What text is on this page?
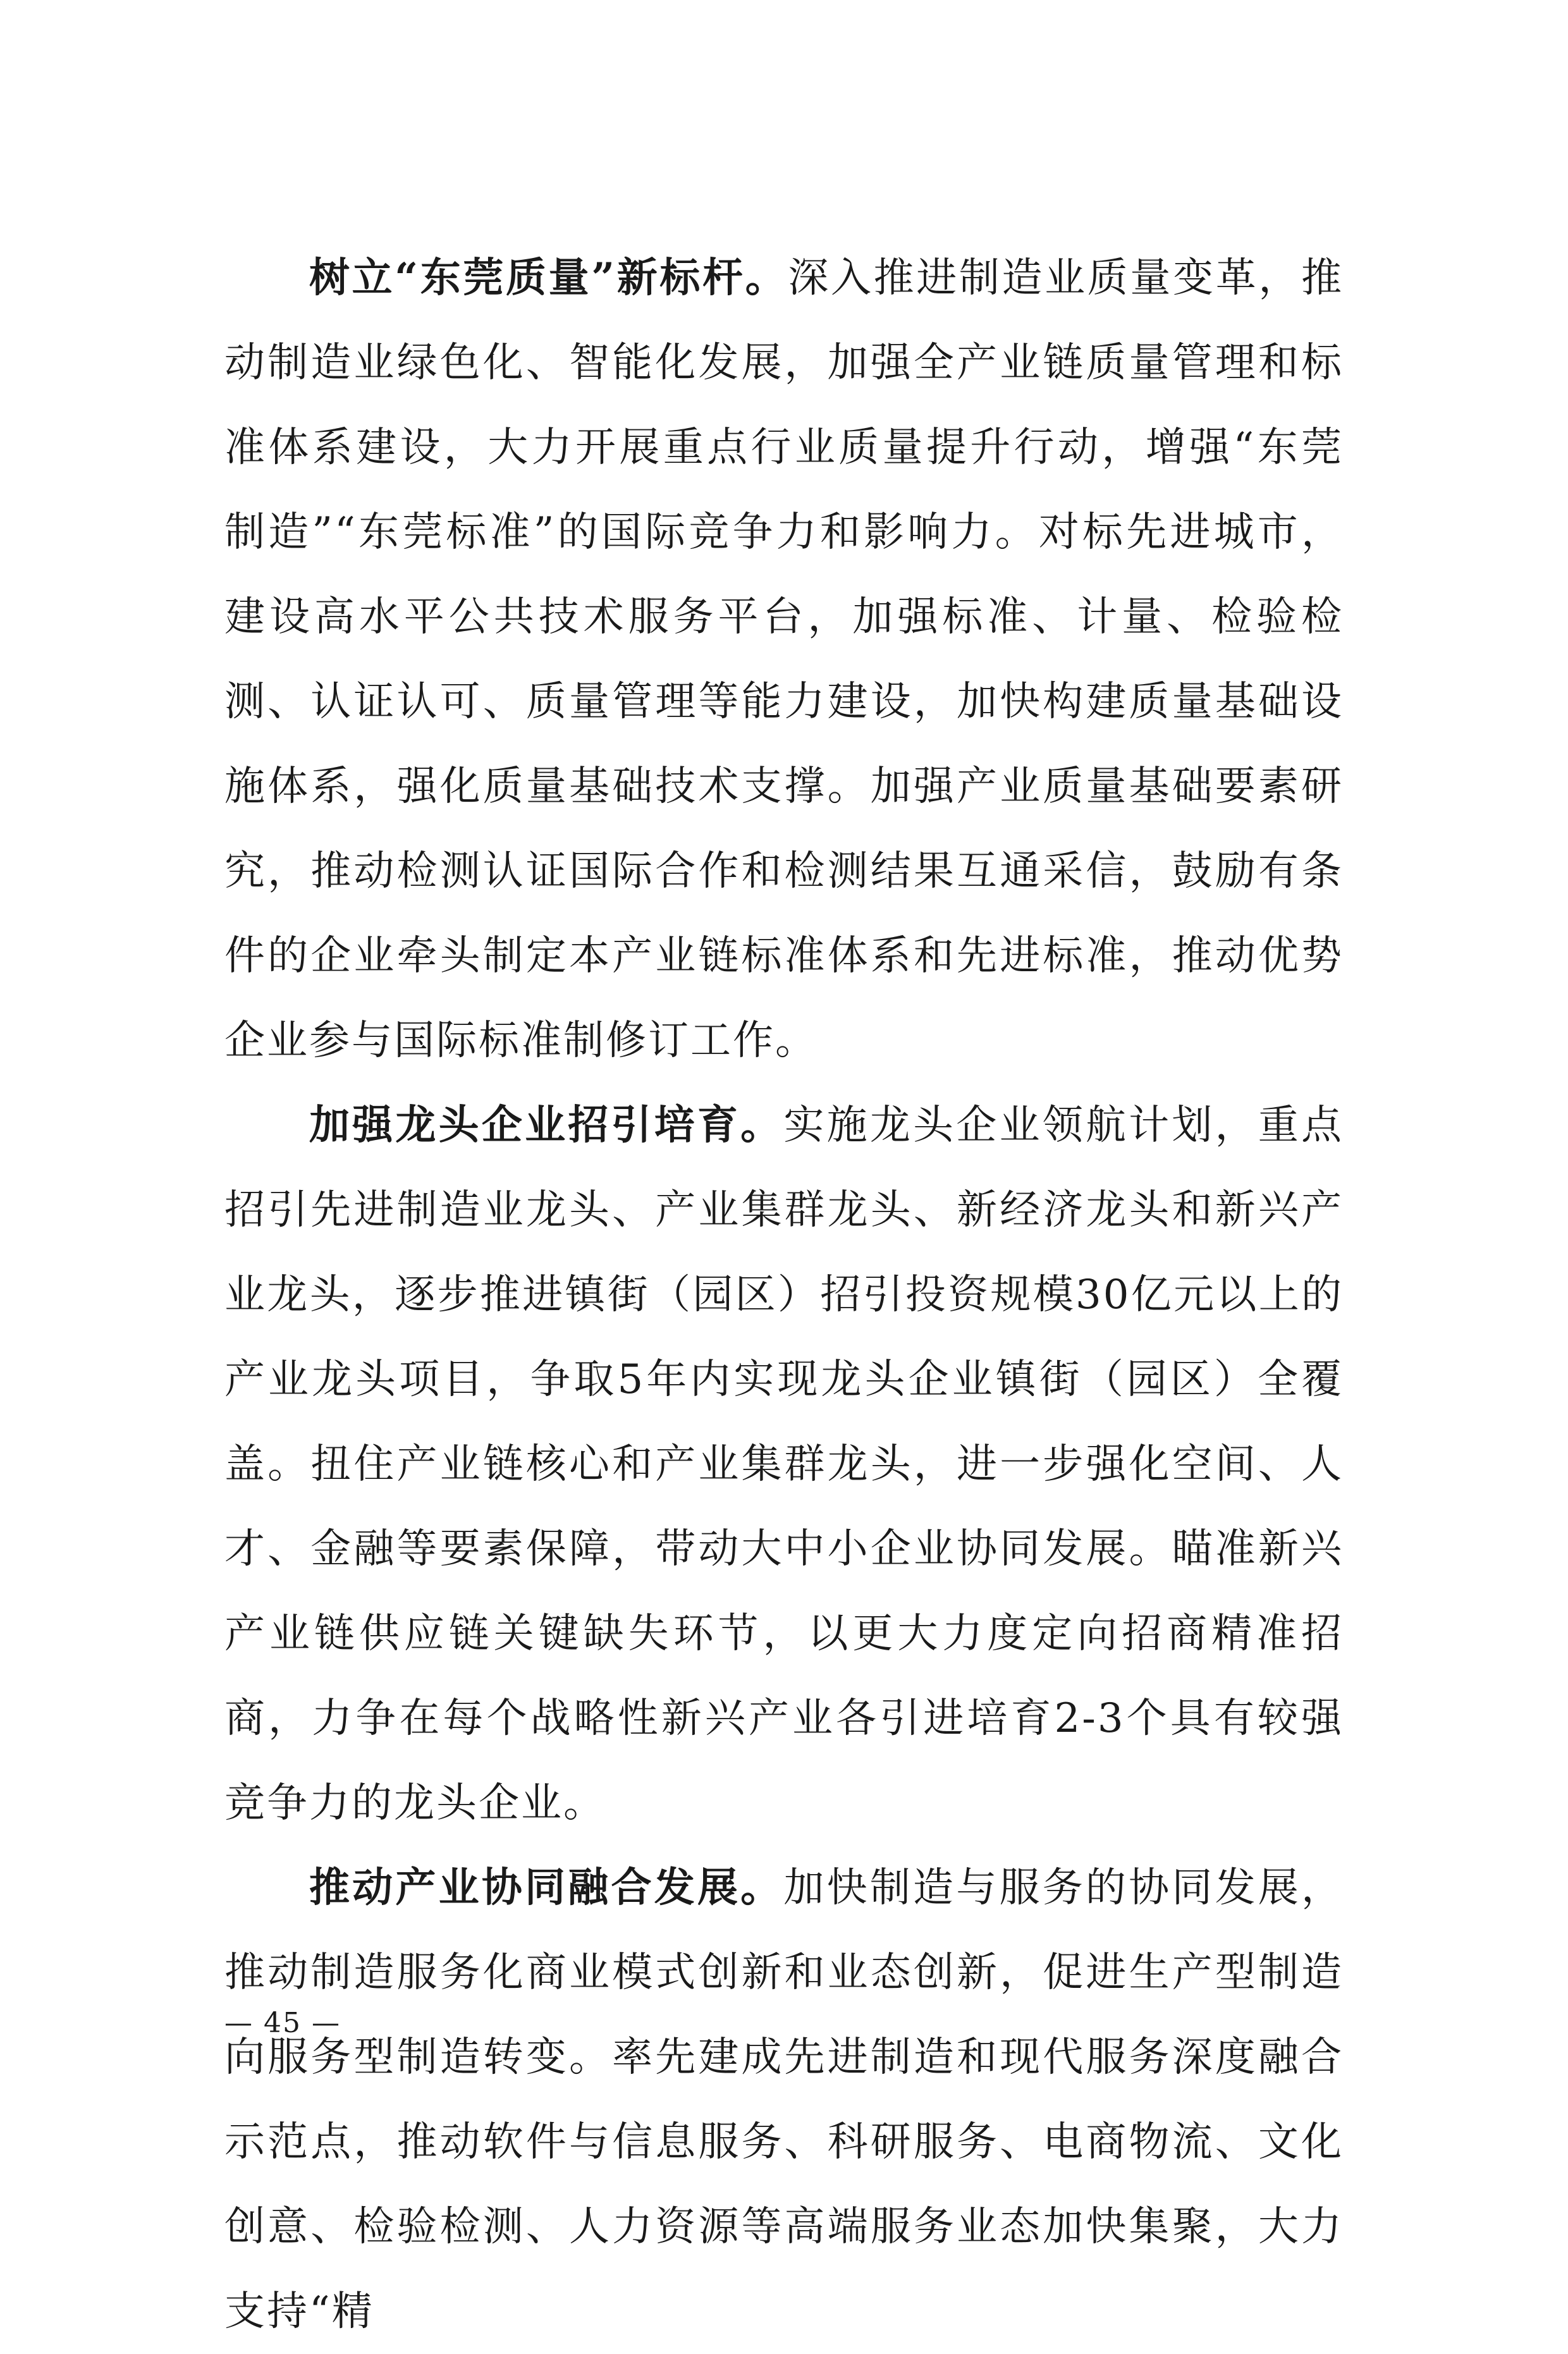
树立“东莞质量”新标杆。深入推进制造业质量变革，推动制造业绿色化、智能化发展，加强全产业链质量管理和标准体系建设，大力开展重点行业质量提升行动，增强“东莞制造”“东莞标准”的国际竞争力和影响力。对标先进城市，建设高水平公共技术服务平台，加强标准、计量、检验检测、认证认可、质量管理等能力建设，加快构建质量基础设施体系，强化质量基础技术支撑。加强产业质量基础要素研究，推动检测认证国际合作和检测结果互通采信，鼓励有条件的企业牵头制定本产业链标准体系和先进标准，推动优势企业参与国际标准制修订工作。

加强龙头企业招引培育。实施龙头企业领航计划，重点招引先进制造业龙头、产业集群龙头、新经济龙头和新兴产业龙头，逐步推进镇街（园区）招引投资规模30亿元以上的产业龙头项目，争取5年内实现龙头企业镇街（园区）全覆盖。扭住产业链核心和产业集群龙头，进一步强化空间、人才、金融等要素保障，带动大中小企业协同发展。瞄准新兴产业链供应链关键缺失环节，以更大力度定向招商精准招商，力争在每个战略性新兴产业各引进培育2-3个具有较强竞争力的龙头企业。

推动产业协同融合发展。加快制造与服务的协同发展，推动制造服务化商业模式创新和业态创新，促进生产型制造向服务型制造转变。率先建成先进制造和现代服务深度融合示范点，推动软件与信息服务、科研服务、电商物流、文化创意、检验检测、人力资源等高端服务业态加快集聚，大力支持“精

— 45 —
